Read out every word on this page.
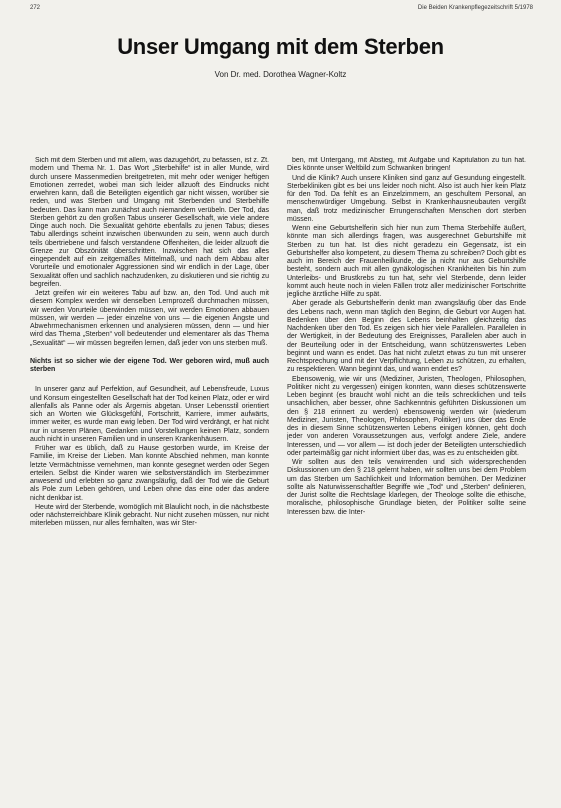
272	Die Beiden Krankenpflegezeitschrift 5/1978
Unser Umgang mit dem Sterben
Von Dr. med. Dorothea Wagner-Koltz

Sich mit dem Sterben und mit allem, was dazugehört, zu befassen, ist z. Zt. modern und Thema Nr. 1. Das Wort „Sterbehilfe“ ist in aller Munde, wird durch unsere Massenmedien breitgetreten, mit mehr oder weniger heftigen Emotionen zerredet, wobei man sich leider allzuoft des Eindrucks nicht erwehren kann, daß die Beteiligten eigentlich gar nicht wissen, worüber sie reden, und was Sterben und Umgang mit Sterbenden und Sterbehilfe bedeuten. Das kann man zunächst auch niemandem verübeln. Der Tod, das Sterben gehört zu den großen Tabus unserer Gesellschaft, wie viele andere Dinge auch noch. Die Sexualität gehörte ebenfalls zu jenen Tabus; dieses Tabu allerdings scheint inzwischen überwunden zu sein, wenn auch durch teils übertriebene und falsch verstandene Offenheiten, die leider allzuoft die Grenze zur Obszönität überschritten. Inzwischen hat sich das alles eingependelt auf ein zeitgemäßes Mittelmaß, und nach dem Abbau alter Vorurteile und emotionaler Aggressionen sind wir endlich in der Lage, über Sexualität offen und sachlich nachzudenken, zu diskutieren und sie richtig zu begreifen.

Jetzt greifen wir ein weiteres Tabu auf bzw. an, den Tod. Und auch mit diesem Komplex werden wir denselben Lernprozeß durchmachen müssen, wir werden Vorurteile überwinden müssen, wir werden Emotionen abbauen müssen, wir werden — jeder einzelne von uns — die eigenen Ängste und Abwehrmechanismen erkennen und analysieren müssen, denn — und hier wird das Thema „Sterben“ voll bedeutender und elementarer als das Thema „Sexualität“ — wir müssen begreifen lernen, daß jeder von uns sterben muß.

Nichts ist so sicher wie der eigene Tod. Wer geboren wird, muß auch sterben

In unserer ganz auf Perfektion, auf Gesundheit, auf Lebensfreude, Luxus und Konsum eingestellten Gesellschaft hat der Tod keinen Platz, oder er wird allenfalls als Panne oder als Ärgernis abgetan. Unser Lebensstil orientiert sich an Worten wie Glücksgefühl, Fortschritt, Karriere, immer aufwärts, immer weiter, es wurde man ewig leben. Der Tod wird verdrängt, er hat nicht nur in unseren Plänen, Gedanken und Vorstellungen keinen Platz, sondern auch nicht in unseren Familien und in unseren Krankenhäusern.

Früher war es üblich, daß zu Hause gestorben wurde, im Kreise der Familie, im Kreise der Lieben. Man konnte Abschied nehmen, man konnte letzte Vermächtnisse vernehmen, man konnte gesegnet werden oder Segen erteilen. Selbst die Kinder waren wie selbstverständlich im Sterbezimmer anwesend und erlebten so ganz zwangsläufig, daß der Tod wie die Geburt als Pole zum Leben gehören, und Leben ohne das eine oder das andere nicht denkbar ist.

Heute wird der Sterbende, womöglich mit Blaulicht noch, in die nächstbeste oder nächsterreichbare Klinik gebracht. Nur nicht zusehen müssen, nur nicht miterleben müssen, nur alles fernhalten, was wir Ster-

ben, mit Untergang, mit Abstieg, mit Aufgabe und Kapitulation zu tun hat. Dies könnte unser Weltbild zum Schwanken bringen!

Und die Klinik? Auch unsere Kliniken sind ganz auf Gesundung eingestellt. Sterbekliniken gibt es bei uns leider noch nicht. Also ist auch hier kein Platz für den Tod. Da fehlt es an Einzelzimmern, an geschultem Personal, an menschenwürdiger Umgebung. Selbst in Krankenhausneubauten vergißt man, daß trotz medizinischer Errungenschaften Menschen dort sterben müssen.

Wenn eine Geburtshelferin sich hier nun zum Thema Sterbehilfe äußert, könnte man sich allerdings fragen, was ausgerechnet Geburtshilfe mit Sterben zu tun hat. Ist dies nicht geradezu ein Gegensatz, ist ein Geburtshelfer also kompetent, zu diesem Thema zu schreiben? Doch gibt es auch im Bereich der Frauenheilkunde, die ja nicht nur aus Geburtshilfe besteht, sondern auch mit allen gynäkologischen Krankheiten bis hin zum Unterleibs- und Brustkrebs zu tun hat, sehr viel Sterbende, denn leider kommt auch heute noch in vielen Fällen trotz aller medizinischer Fortschritte jegliche ärztliche Hilfe zu spät.

Aber gerade als Geburtshelferin denkt man zwangsläufig über das Ende des Lebens nach, wenn man täglich den Beginn, die Geburt vor Augen hat. Bedenken über den Beginn des Lebens beinhalten gleichzeitig das Nachdenken über den Tod. Es zeigen sich hier viele Parallelen. Parallelen in der Wertigkeit, in der Bedeutung des Ereignisses, Parallelen aber auch in der Beurteilung oder in der Entscheidung, wann schützenswertes Leben beginnt und wann es endet. Das hat nicht zuletzt etwas zu tun mit unserer Rechtsprechung und mit der Verpflichtung, Leben zu schützen, zu erhalten, zu respektieren. Wann beginnt das, und wann endet es?

Ebensowenig, wie wir uns (Mediziner, Juristen, Theologen, Philosophen, Politiker nicht zu vergessen) einigen konnten, wann dieses schützenswerte Leben beginnt (es braucht wohl nicht an die teils schrecklichen und teils unsachlichen, aber besser, ohne Sachkenntnis geführten Diskussionen um den § 218 erinnert zu werden) ebensowenig werden wir (wiederum Mediziner, Juristen, Theologen, Philosophen, Politiker) uns über das Ende des in diesem Sinne schützenswerten Lebens einigen können, geht doch jeder von anderen Voraussetzungen aus, verfolgt andere Ziele, andere Interessen, und — vor allem — ist doch jeder der Beteiligten unterschiedlich oder parteimäßig gar nicht informiert über das, was es zu entscheiden gibt.

Wir sollten aus den teils verwirrenden und sich widersprechenden Diskussionen um den § 218 gelernt haben, wir sollten uns bei dem Problem um das Sterben um Sachlichkeit und Information bemühen. Der Mediziner sollte als Naturwissenschaftler Begriffe wie „Tod“ und „Sterben“ definieren, der Jurist sollte die Rechtslage klarlegen, der Theologe sollte die ethische, moralische, philosophische Grundlage bieten, der Politiker sollte seine Interessen bzw. die Inter-
